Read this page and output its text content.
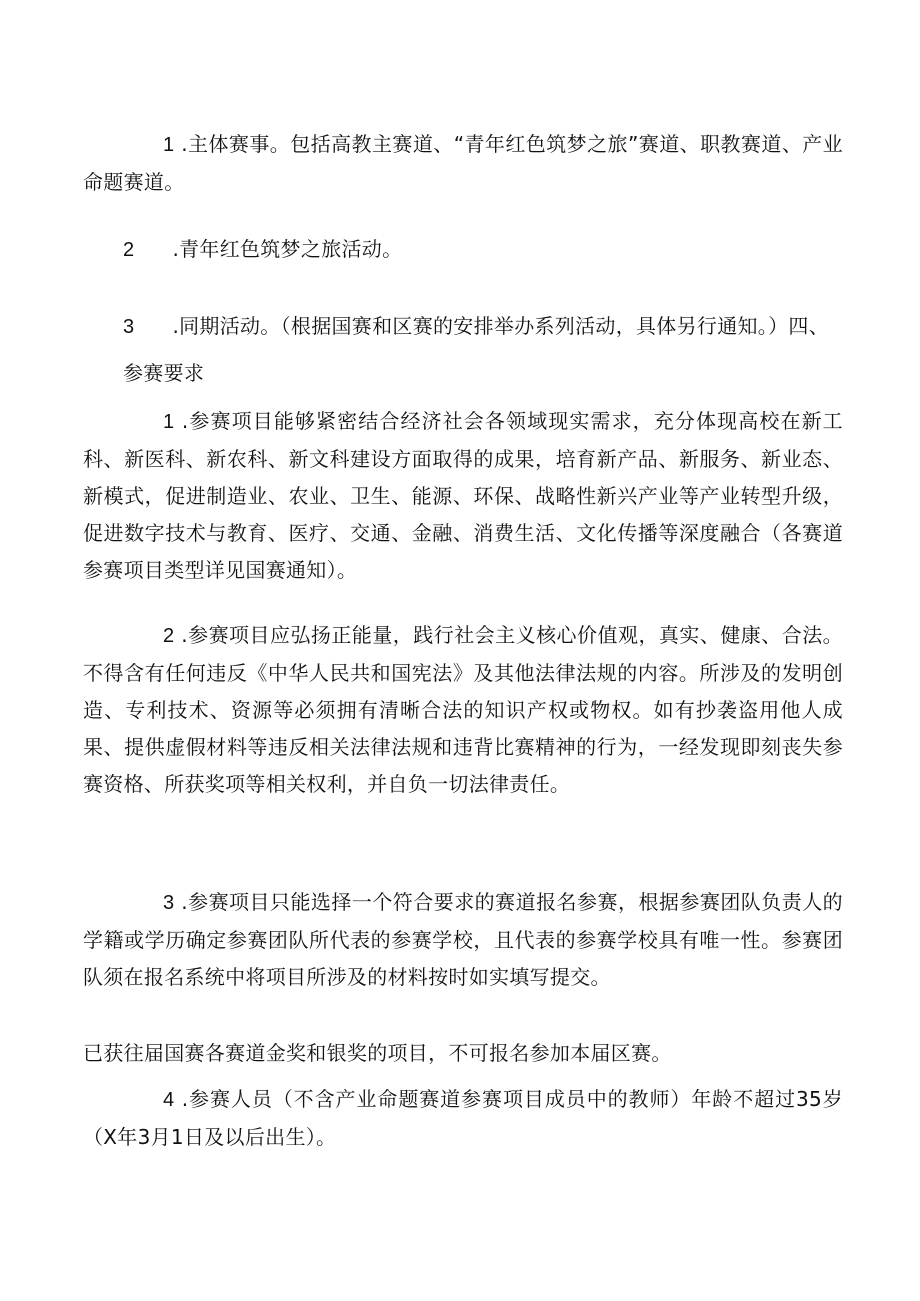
1 .主体赛事。包括高教主赛道、“青年红色筑梦之旅”赛道、职教赛道、产业命题赛道。

2 .青年红色筑梦之旅活动。

3 .同期活动。（根据国赛和区赛的安排举办系列活动，具体另行通知。）四、

参赛要求

1 .参赛项目能够紧密结合经济社会各领域现实需求，充分体现高校在新工科、新医科、新农科、新文科建设方面取得的成果，培育新产品、新服务、新业态、新模式，促进制造业、农业、卫生、能源、环保、战略性新兴产业等产业转型升级，促进数字技术与教育、医疗、交通、金融、消费生活、文化传播等深度融合（各赛道参赛项目类型详见国赛通知）。

2 .参赛项目应弘扬正能量，践行社会主义核心价值观，真实、健康、合法。不得含有任何违反《中华人民共和国宪法》及其他法律法规的内容。所涉及的发明创造、专利技术、资源等必须拥有清晰合法的知识产权或物权。如有抄袭盗用他人成果、提供虚假材料等违反相关法律法规和违背比赛精神的行为，一经发现即刻丧失参赛资格、所获奖项等相关权利，并自负一切法律责任。

3 .参赛项目只能选择一个符合要求的赛道报名参赛，根据参赛团队负责人的学籍或学历确定参赛团队所代表的参赛学校，且代表的参赛学校具有唯一性。参赛团队须在报名系统中将项目所涉及的材料按时如实填写提交。

已获往届国赛各赛道金奖和银奖的项目，不可报名参加本届区赛。

4 .参赛人员（不含产业命题赛道参赛项目成员中的教师）年龄不超过35岁（X年3月1日及以后出生）。
